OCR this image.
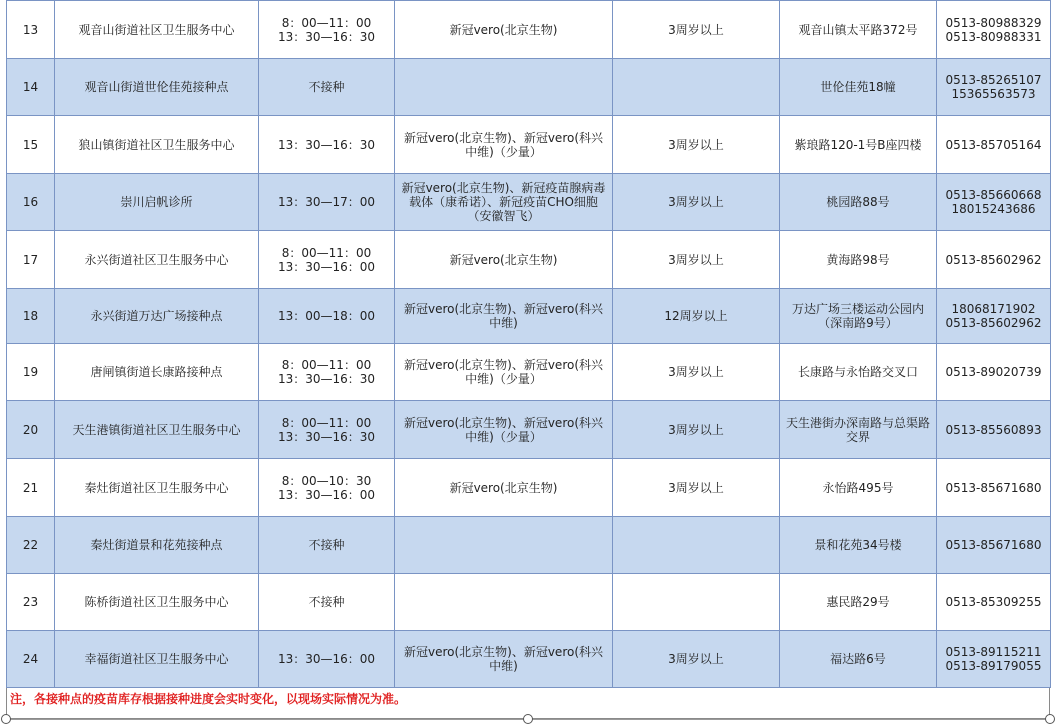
13	观音山街道社区卫生服务中心	8：00—11：00
13：30—16：30	新冠vero(北京生物)	3周岁以上	观音山镇太平路372号	0513-80988329
0513-80988331

14	观音山街道世伦佳苑接种点	不接种			世伦佳苑18幢	0513-85265107
15365563573

15	狼山镇街道社区卫生服务中心	13：30—16：30	新冠vero(北京生物)、新冠vero(科兴
中维)（少量）	3周岁以上	紫琅路120-1号B座四楼	0513-85705164

16	崇川启帆诊所	13：30—17：00	新冠vero(北京生物)、新冠疫苗腺病毒
载体（康希诺）、新冠疫苗CHO细胞
（安徽智飞）	3周岁以上	桃园路88号	0513-85660668
18015243686

17	永兴街道社区卫生服务中心	8：00—11：00
13：30—16：00	新冠vero(北京生物)	3周岁以上	黄海路98号	0513-85602962

18	永兴街道万达广场接种点	13：00—18：00	新冠vero(北京生物)、新冠vero(科兴
中维)	12周岁以上	万达广场三楼运动公园内
（深南路9号）	18068171902
0513-85602962

19	唐闸镇街道长康路接种点	8：00—11：00
13：30—16：30	新冠vero(北京生物)、新冠vero(科兴
中维)（少量）	3周岁以上	长康路与永怡路交叉口	0513-89020739

20	天生港镇街道社区卫生服务中心	8：00—11：00
13：30—16：30	新冠vero(北京生物)、新冠vero(科兴
中维)（少量）	3周岁以上	天生港街办深南路与总渠路
交界	0513-85560893

21	秦灶街道社区卫生服务中心	8：00—10：30
13：30—16：00	新冠vero(北京生物)	3周岁以上	永怡路495号	0513-85671680

22	秦灶街道景和花苑接种点	不接种			景和花苑34号楼	0513-85671680

23	陈桥街道社区卫生服务中心	不接种			惠民路29号	0513-85309255

24	幸福街道社区卫生服务中心	13：30—16：00	新冠vero(北京生物)、新冠vero(科兴
中维)	3周岁以上	福达路6号	0513-89115211
0513-89179055
注，各接种点的疫苗库存根据接种进度会实时变化，以现场实际情况为准。
